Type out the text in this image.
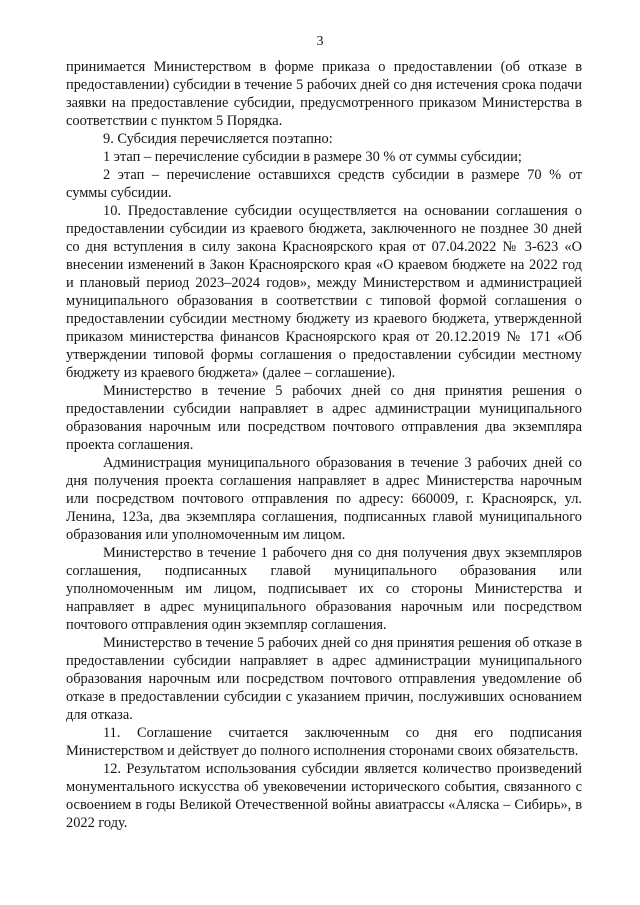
3

принимается Министерством в форме приказа о предоставлении (об отказе в предоставлении) субсидии в течение 5 рабочих дней со дня истечения срока подачи заявки на предоставление субсидии, предусмотренного приказом Министерства в соответствии с пунктом 5 Порядка.

9. Субсидия перечисляется поэтапно:

1 этап – перечисление субсидии в размере 30 % от суммы субсидии;

2 этап – перечисление оставшихся средств субсидии в размере 70 % от суммы субсидии.

10. Предоставление субсидии осуществляется на основании соглашения о предоставлении субсидии из краевого бюджета, заключенного не позднее 30 дней со дня вступления в силу закона Красноярского края от 07.04.2022 № 3-623 «О внесении изменений в Закон Красноярского края «О краевом бюджете на 2022 год и плановый период 2023–2024 годов», между Министерством и администрацией муниципального образования в соответствии с типовой формой соглашения о предоставлении субсидии местному бюджету из краевого бюджета, утвержденной приказом министерства финансов Красноярского края от 20.12.2019 № 171 «Об утверждении типовой формы соглашения о предоставлении субсидии местному бюджету из краевого бюджета» (далее – соглашение).

Министерство в течение 5 рабочих дней со дня принятия решения о предоставлении субсидии направляет в адрес администрации муниципального образования нарочным или посредством почтового отправления два экземпляра проекта соглашения.

Администрация муниципального образования в течение 3 рабочих дней со дня получения проекта соглашения направляет в адрес Министерства нарочным или посредством почтового отправления по адресу: 660009, г. Красноярск, ул. Ленина, 123а, два экземпляра соглашения, подписанных главой муниципального образования или уполномоченным им лицом.

Министерство в течение 1 рабочего дня со дня получения двух экземпляров соглашения, подписанных главой муниципального образования или уполномоченным им лицом, подписывает их со стороны Министерства и направляет в адрес муниципального образования нарочным или посредством почтового отправления один экземпляр соглашения.

Министерство в течение 5 рабочих дней со дня принятия решения об отказе в предоставлении субсидии направляет в адрес администрации муниципального образования нарочным или посредством почтового отправления уведомление об отказе в предоставлении субсидии с указанием причин, послуживших основанием для отказа.

11. Соглашение считается заключенным со дня его подписания Министерством и действует до полного исполнения сторонами своих обязательств.

12. Результатом использования субсидии является количество произведений монументального искусства об увековечении исторического события, связанного с освоением в годы Великой Отечественной войны авиатрассы «Аляска – Сибирь», в 2022 году.
